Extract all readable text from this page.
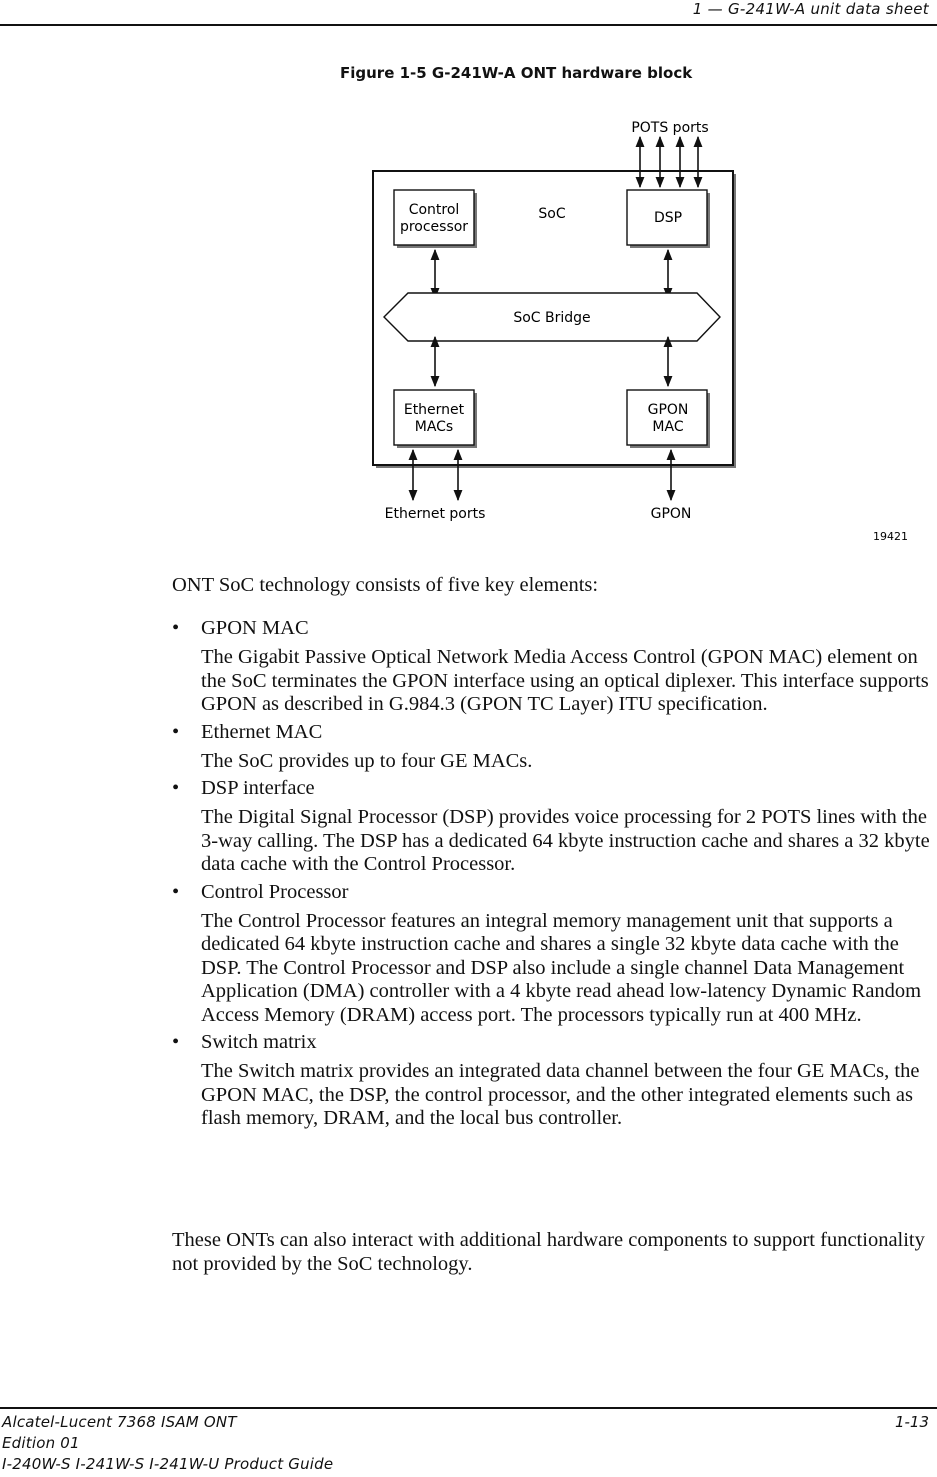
1 — G-241W-A unit data sheet
Figure 1-5 G-241W-A ONT hardware block
POTS ports
Control
processor
SoC	DSP
SoC Bridge
Ethernet
MACs
GPON
MAC
Ethernet ports	GPON
19421
ONT SoC technology consists of five key elements:
• GPON MAC
The Gigabit Passive Optical Network Media Access Control (GPON MAC) element on the SoC terminates the GPON interface using an optical diplexer. This interface supports GPON as described in G.984.3 (GPON TC Layer) ITU specification.
• Ethernet MAC
The SoC provides up to four GE MACs.
• DSP interface
The Digital Signal Processor (DSP) provides voice processing for 2 POTS lines with the 3-way calling. The DSP has a dedicated 64 kbyte instruction cache and shares a 32 kbyte data cache with the Control Processor.
• Control Processor
The Control Processor features an integral memory management unit that supports a dedicated 64 kbyte instruction cache and shares a single 32 kbyte data cache with the DSP. The Control Processor and DSP also include a single channel Data Management Application (DMA) controller with a 4 kbyte read ahead low-latency Dynamic Random Access Memory (DRAM) access port. The processors typically run at 400 MHz.
• Switch matrix
The Switch matrix provides an integrated data channel between the four GE MACs, the GPON MAC, the DSP, the control processor, and the other integrated elements such as flash memory, DRAM, and the local bus controller.
These ONTs can also interact with additional hardware components to support functionality not provided by the SoC technology.
Alcatel-Lucent 7368 ISAM ONT
Edition 01
I-240W-S I-241W-S I-241W-U Product Guide
1-13
